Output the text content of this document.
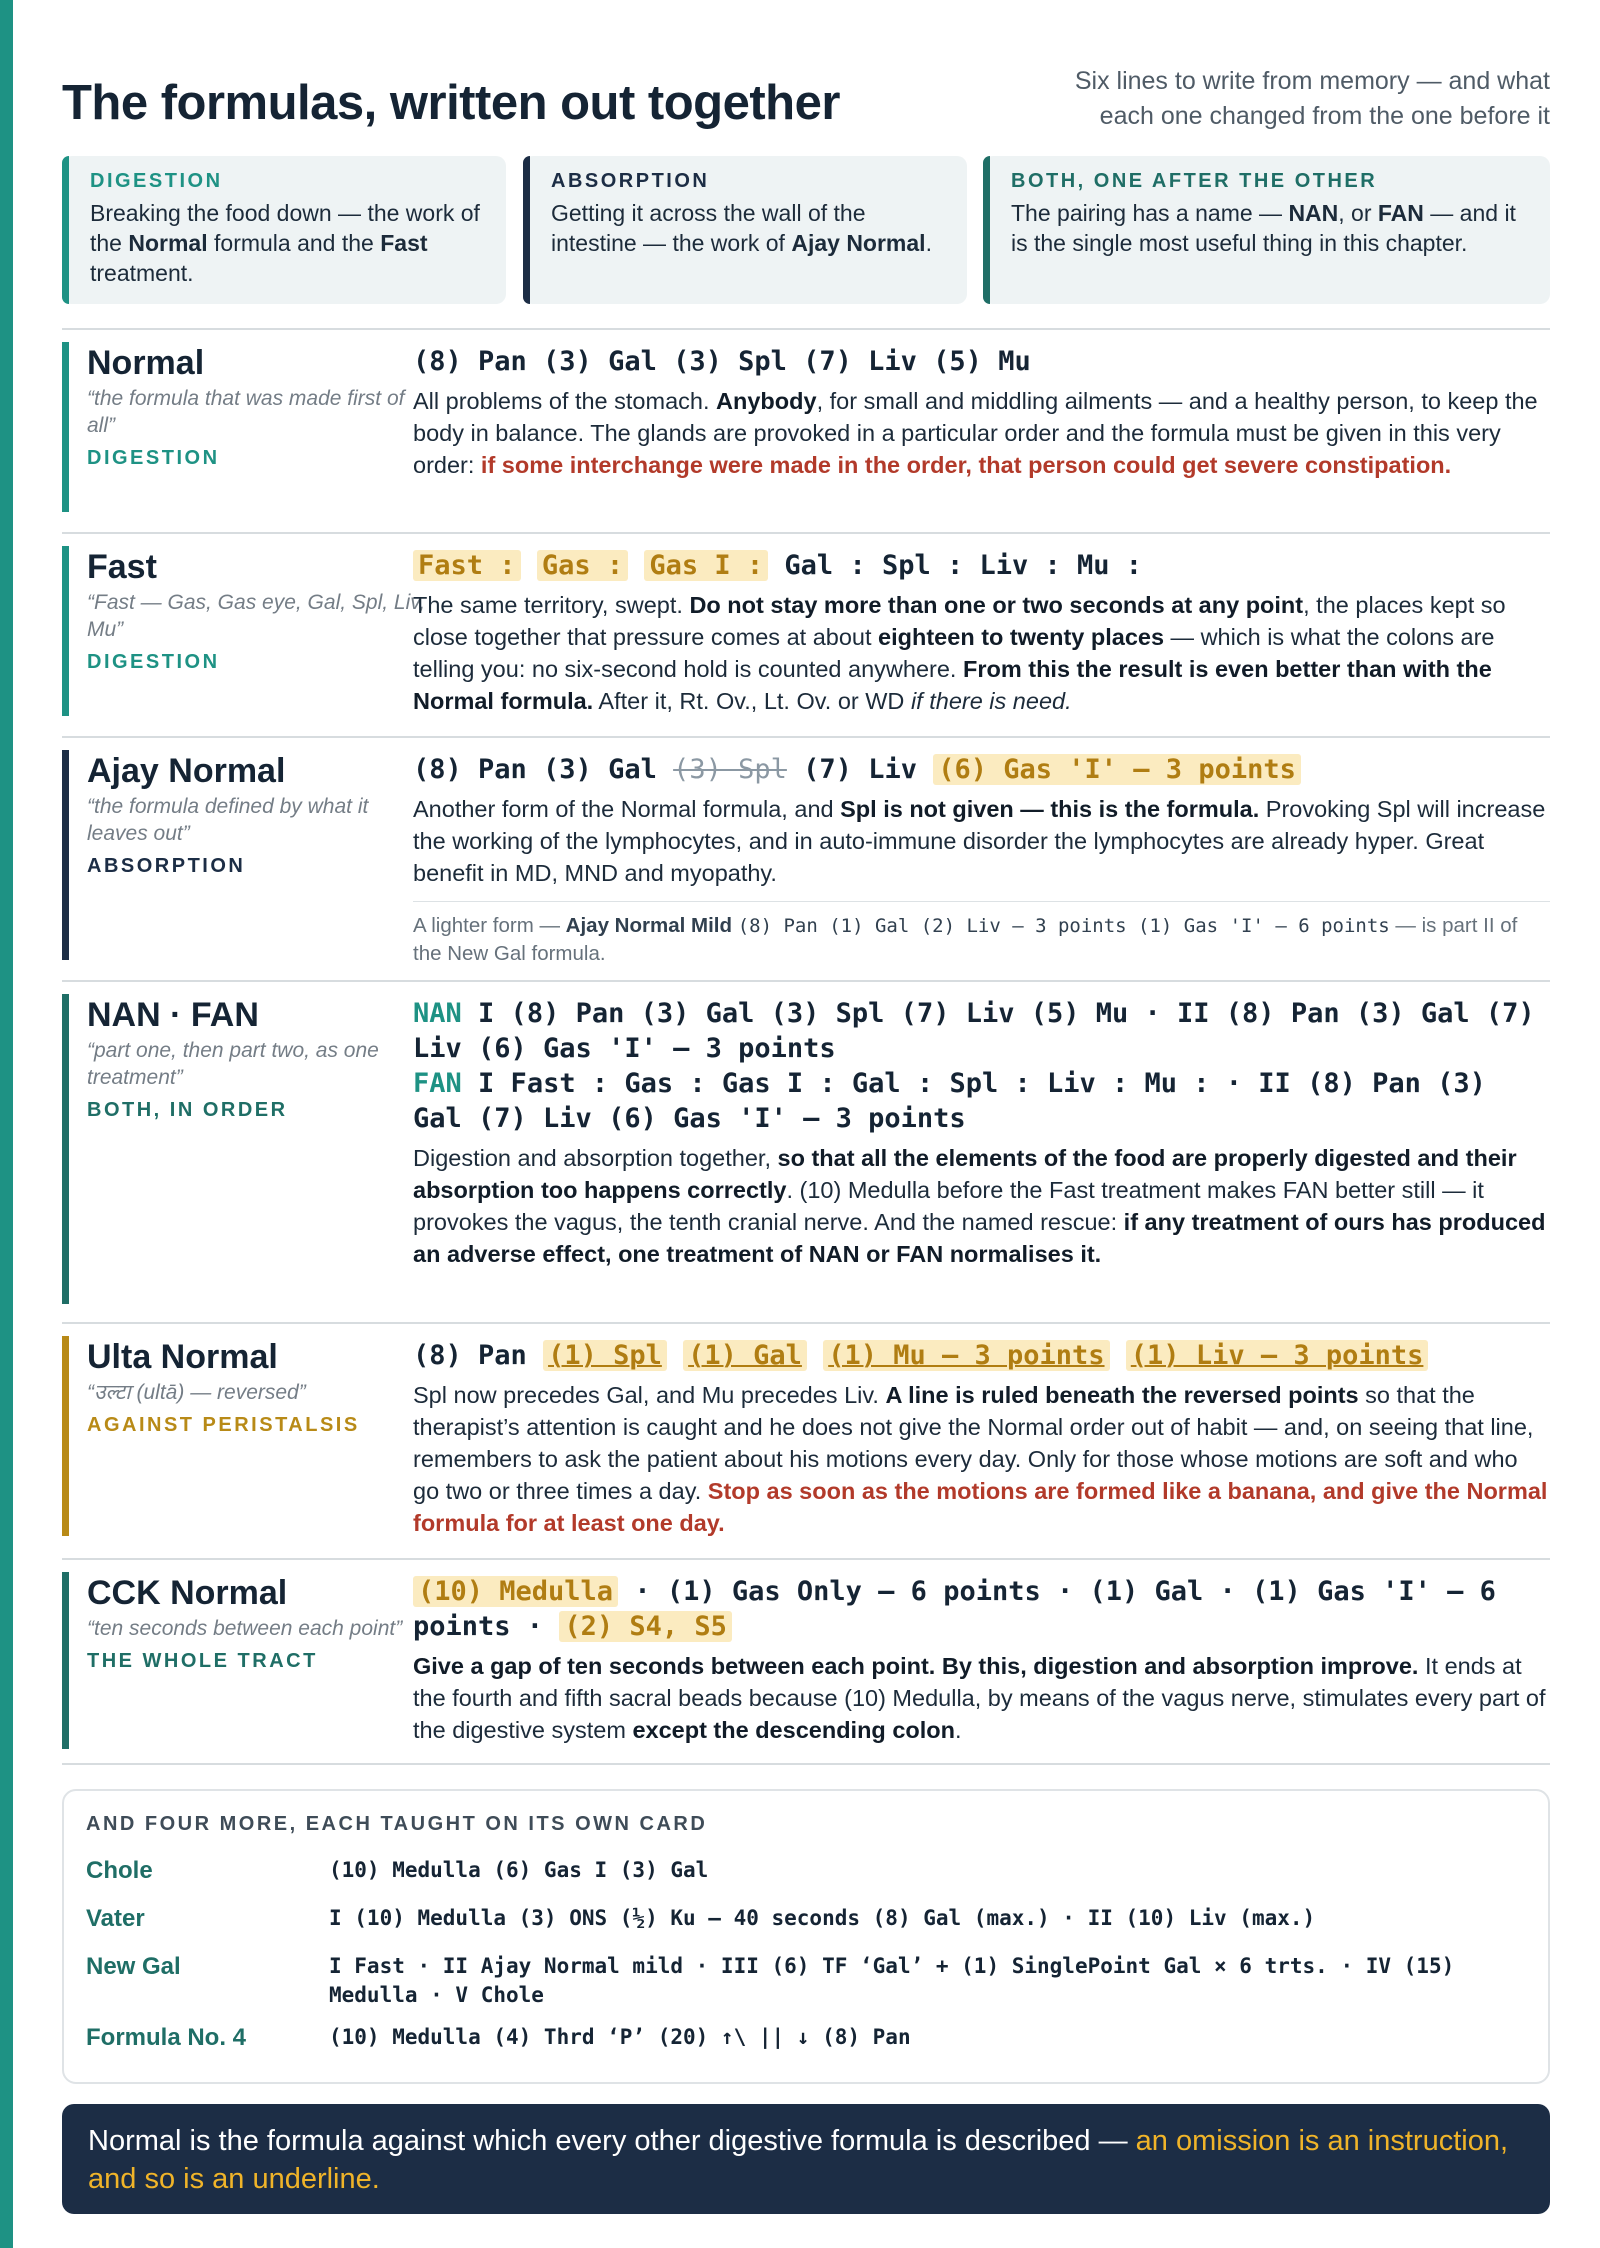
The formulas, written out together	Six lines to write from memory — and what
each one changed from the one before it
DIGESTION
Breaking the food down — the work of the Normal formula and the Fast treatment.
ABSORPTION
Getting it across the wall of the intestine — the work of Ajay Normal.
BOTH, ONE AFTER THE OTHER
The pairing has a name — NAN, or FAN — and it is the single most useful thing in this chapter.
Normal
“the formula that was made first of all”
DIGESTION
(8) Pan (3) Gal (3) Spl (7) Liv (5) Mu
All problems of the stomach. Anybody, for small and middling ailments — and a healthy person, to keep the body in balance. The glands are provoked in a particular order and the formula must be given in this very order: if some interchange were made in the order, that person could get severe constipation.
Fast
“Fast — Gas, Gas eye, Gal, Spl, Liv, Mu”
DIGESTION
Fast : Gas : Gas I : Gal : Spl : Liv : Mu :
The same territory, swept. Do not stay more than one or two seconds at any point, the places kept so close together that pressure comes at about eighteen to twenty places — which is what the colons are telling you: no six-second hold is counted anywhere. From this the result is even better than with the Normal formula. After it, Rt. Ov., Lt. Ov. or WD if there is need.
Ajay Normal
“the formula defined by what it leaves out”
ABSORPTION
(8) Pan (3) Gal (3) Spl (7) Liv (6) Gas 'I' – 3 points
Another form of the Normal formula, and Spl is not given — this is the formula. Provoking Spl will increase the working of the lymphocytes, and in auto-immune disorder the lymphocytes are already hyper. Great benefit in MD, MND and myopathy.
A lighter form — Ajay Normal Mild (8) Pan (1) Gal (2) Liv – 3 points (1) Gas 'I' – 6 points — is part II of the New Gal formula.
NAN · FAN
“part one, then part two, as one treatment”
BOTH, IN ORDER
NAN I (8) Pan (3) Gal (3) Spl (7) Liv (5) Mu · II (8) Pan (3) Gal (7) Liv (6) Gas 'I' – 3 points
FAN I Fast : Gas : Gas I : Gal : Spl : Liv : Mu : · II (8) Pan (3) Gal (7) Liv (6) Gas 'I' – 3 points
Digestion and absorption together, so that all the elements of the food are properly digested and their absorption too happens correctly. (10) Medulla before the Fast treatment makes FAN better still — it provokes the vagus, the tenth cranial nerve. And the named rescue: if any treatment of ours has produced an adverse effect, one treatment of NAN or FAN normalises it.
Ulta Normal
“उल्टा (ultā) — reversed”
AGAINST PERISTALSIS
(8) Pan (1) Spl (1) Gal (1) Mu – 3 points (1) Liv – 3 points
Spl now precedes Gal, and Mu precedes Liv. A line is ruled beneath the reversed points so that the therapist’s attention is caught and he does not give the Normal order out of habit — and, on seeing that line, remembers to ask the patient about his motions every day. Only for those whose motions are soft and who go two or three times a day. Stop as soon as the motions are formed like a banana, and give the Normal formula for at least one day.
CCK Normal
“ten seconds between each point”
THE WHOLE TRACT
(10) Medulla · (1) Gas Only – 6 points · (1) Gal · (1) Gas 'I' – 6 points · (2) S4, S5
Give a gap of ten seconds between each point. By this, digestion and absorption improve. It ends at the fourth and fifth sacral beads because (10) Medulla, by means of the vagus nerve, stimulates every part of the digestive system except the descending colon.
AND FOUR MORE, EACH TAUGHT ON ITS OWN CARD
Chole	(10) Medulla (6) Gas I (3) Gal
Vater	I (10) Medulla (3) ONS (½) Ku – 40 seconds (8) Gal (max.) · II (10) Liv (max.)
New Gal	I Fast · II Ajay Normal mild · III (6) TF ‘Gal’ + (1) SinglePoint Gal × 6 trts. · IV (15) Medulla · V Chole
Formula No. 4	(10) Medulla (4) Thrd ‘P’ (20) ↑\ || ↓ (8) Pan
Normal is the formula against which every other digestive formula is described — an omission is an instruction, and so is an underline.
